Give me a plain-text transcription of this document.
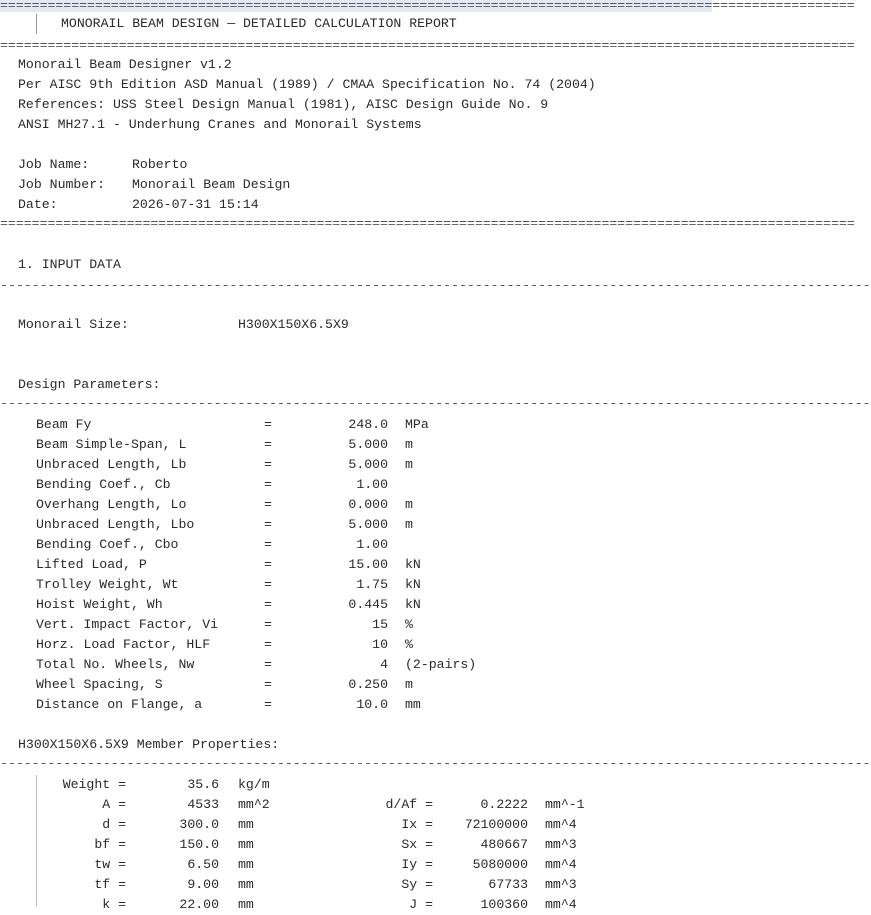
============================================================================================================
MONORAIL BEAM DESIGN — DETAILED CALCULATION REPORT
============================================================================================================
Monorail Beam Designer v1.2
Per AISC 9th Edition ASD Manual (1989) / CMAA Specification No. 74 (2004)
References: USS Steel Design Manual (1981), AISC Design Guide No. 9
ANSI MH27.1 - Underhung Cranes and Monorail Systems
Job Name:	Roberto
Job Number: Monorail Beam Design
Date:	2026-07-31 15:14
============================================================================================================
1. INPUT DATA
--------------------------------------------------------------------------------------------------------------
Monorail Size:	H300X150X6.5X9
Design Parameters:
--------------------------------------------------------------------------------------------------------------
Beam Fy	=	248.0 MPa
Beam Simple-Span, L	=	5.000 m
Unbraced Length, Lb	=	5.000 m
Bending Coef., Cb	=	1.00
Overhang Length, Lo	=	0.000 m
Unbraced Length, Lbo	=	5.000 m
Bending Coef., Cbo	=	1.00
Lifted Load, P	=	15.00 kN
Trolley Weight, Wt	=	1.75 kN
Hoist Weight, Wh	=	0.445 kN
Vert. Impact Factor, Vi	=	15 %
Horz. Load Factor, HLF	=	10 %
Total No. Wheels, Nw	=	4 (2-pairs)
Wheel Spacing, S	=	0.250 m
Distance on Flange, a	=	10.0 mm
H300X150X6.5X9 Member Properties:
--------------------------------------------------------------------------------------------------------------
Weight =	35.6 kg/m
A =	4533 mm^2	d/Af =	0.2222 mm^-1
d =	300.0 mm	Ix =	72100000 mm^4
bf =	150.0 mm	Sx =	480667 mm^3
tw =	6.50 mm	Iy =	5080000 mm^4
tf =	9.00 mm	Sy =	67733 mm^3
k =	22.00 mm	J =	100360 mm^4
